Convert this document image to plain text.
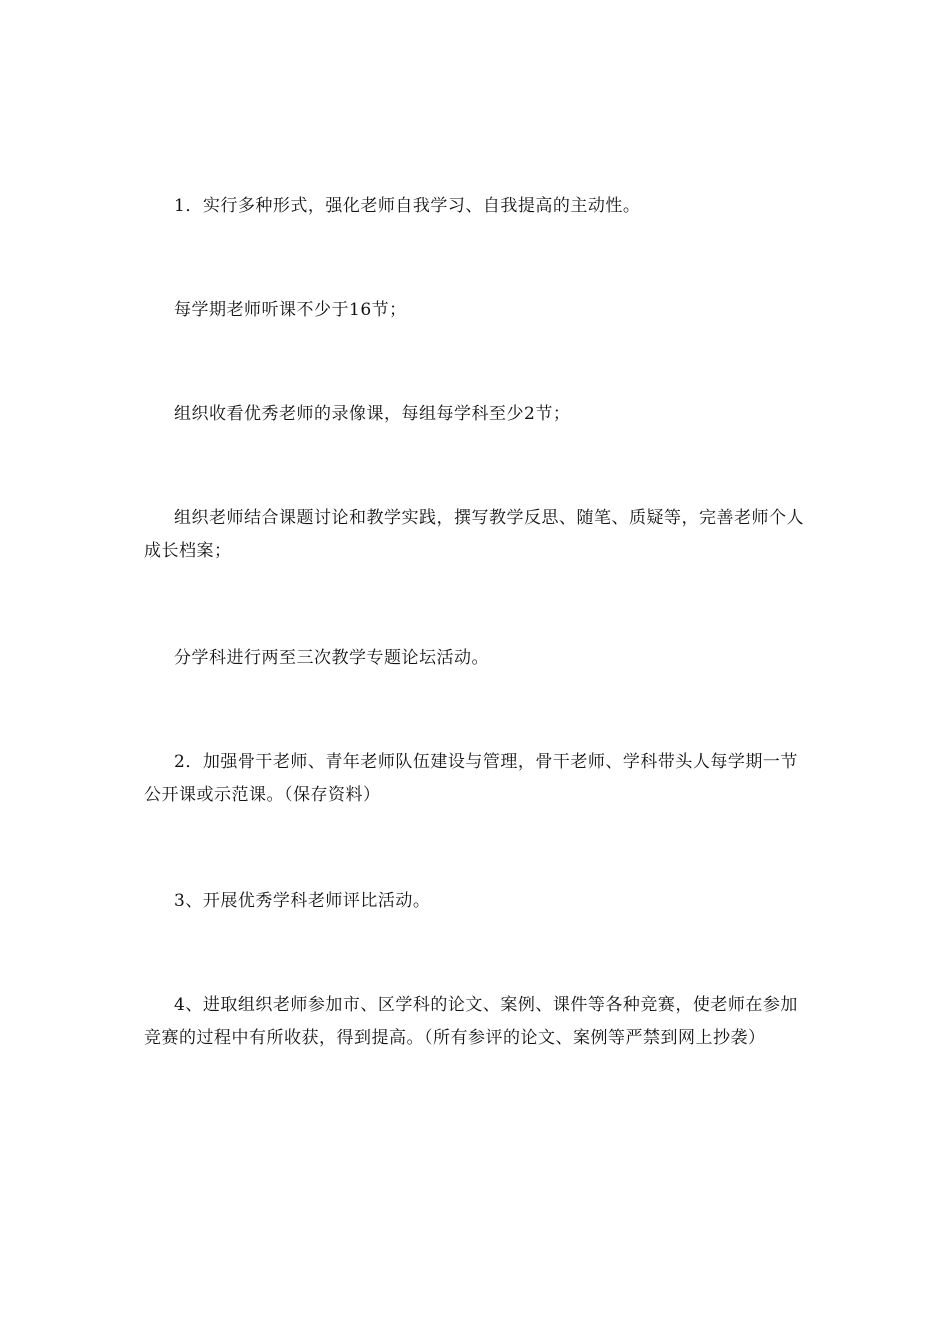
1．实行多种形式，强化老师自我学习、自我提高的主动性。

每学期老师听课不少于16节；

组织收看优秀老师的录像课，每组每学科至少2节；

组织老师结合课题讨论和教学实践，撰写教学反思、随笔、质疑等，完善老师个人成长档案；

分学科进行两至三次教学专题论坛活动。

2．加强骨干老师、青年老师队伍建设与管理，骨干老师、学科带头人每学期一节公开课或示范课。（保存资料）

3、开展优秀学科老师评比活动。

4、进取组织老师参加市、区学科的论文、案例、课件等各种竞赛，使老师在参加竞赛的过程中有所收获，得到提高。（所有参评的论文、案例等严禁到网上抄袭）
